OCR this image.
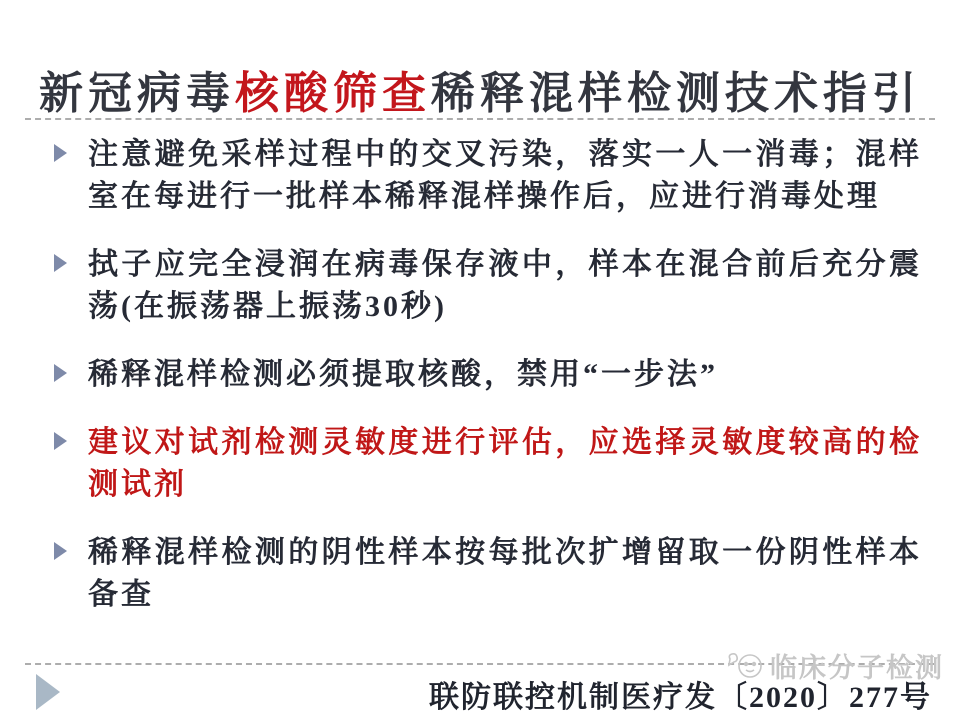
新冠病毒核酸筛查稀释混样检测技术指引
注意避免采样过程中的交叉污染，落实一人一消毒；混样室在每进行一批样本稀释混样操作后，应进行消毒处理
拭子应完全浸润在病毒保存液中，样本在混合前后充分震荡(在振荡器上振荡30秒)
稀释混样检测必须提取核酸，禁用“一步法”
建议对试剂检测灵敏度进行评估，应选择灵敏度较高的检测试剂
稀释混样检测的阴性样本按每批次扩增留取一份阴性样本备查
临床分子检测
联防联控机制医疗发〔2020〕277号
